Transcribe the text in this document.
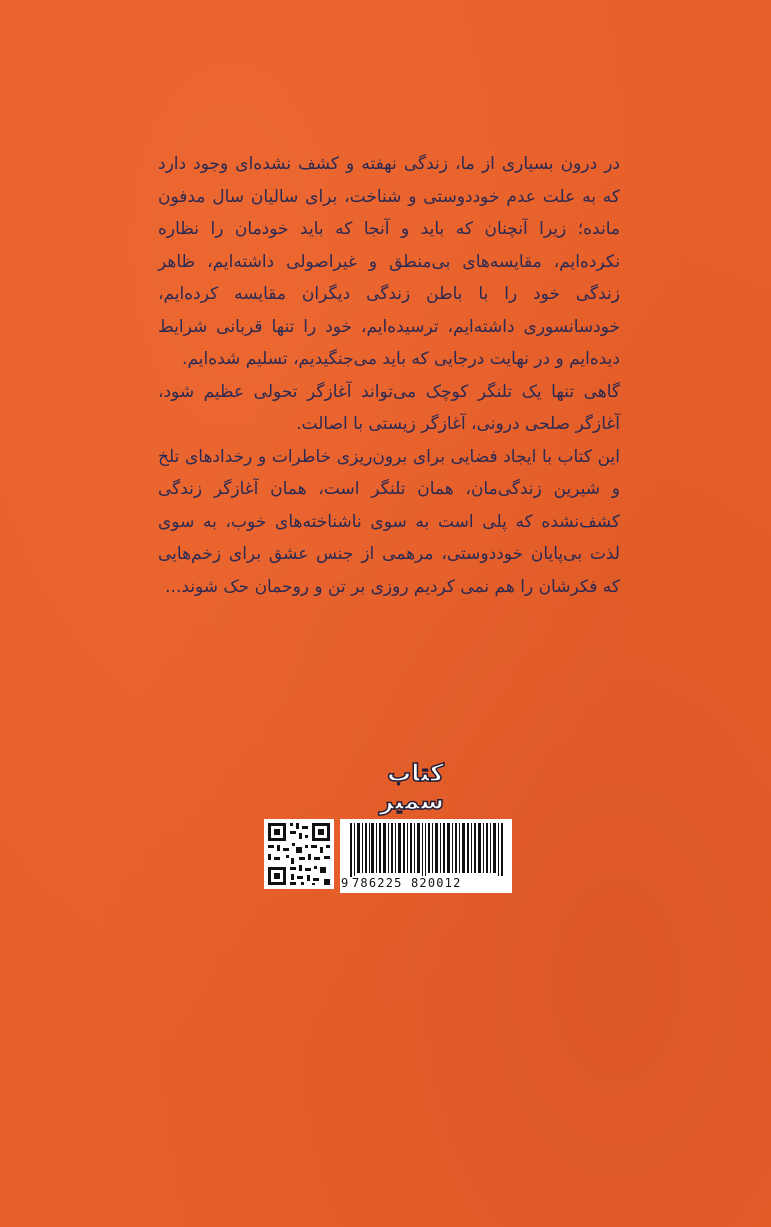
در درون بسیاری از ما، زندگی نهفته و کشف نشده‌ای وجود دارد که به علت عدم خوددوستی و شناخت، برای سالیان سال مدفون مانده؛ زیرا آنچنان که باید و آنجا که باید خودمان را نظاره نکرده‌ایم، مقایسه‌های بی‌منطق و غیراصولی داشته‌ایم، ظاهر زندگی خود را با باطن زندگی دیگران مقایسه کرده‌ایم، خودسانسوری داشته‌ایم، ترسیده‌ایم، خود را تنها قربانی شرایط دیده‌ایم و در نهایت درجایی که باید می‌جنگیدیم، تسلیم شده‌ایم.

گاهی تنها یک تلنگر کوچک می‌تواند آغازگر تحولی عظیم شود، آغازگر صلحی درونی، آغازگر زیستی با اصالت.

این کتاب با ایجاد فضایی برای برون‌ریزی خاطرات و رخدادهای تلخ و شیرین زندگی‌مان، همان تلنگر است، همان آغازگر زندگی کشف‌نشده که پلی است به سوی ناشناخته‌های خوب، به سوی لذت بی‌پایان خوددوستی، مرهمی از جنس عشق برای زخم‌هایی که فکرشان را هم نمی کردیم روزی بر تن و روحمان حک شوند...

کتاب سمیر
9 786225 820012
